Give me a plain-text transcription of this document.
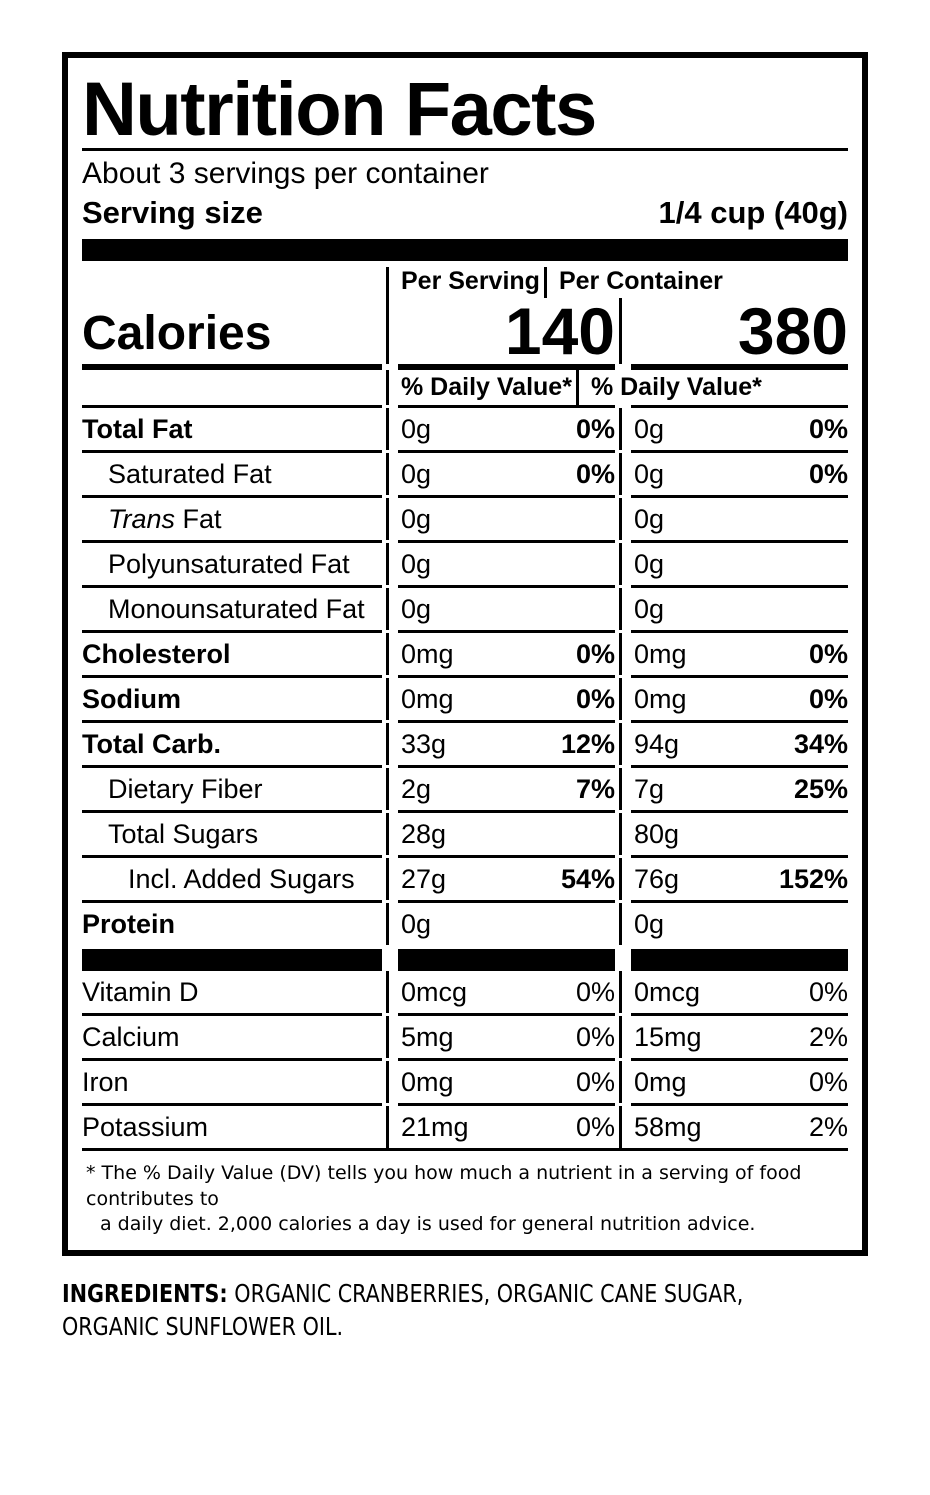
Nutrition Facts
About 3 servings per container
Serving size	1/4 cup (40g)
Per Serving Per Container
Calories	140	380
% Daily Value* % Daily Value*
Total Fat	0g	0% 0g	0%
Saturated Fat	0g	0% 0g	0%
Trans Fat	0g	0g
Polyunsaturated Fat	0g	0g
Monounsaturated Fat	0g	0g
Cholesterol	0mg	0% 0mg	0%
Sodium	0mg	0% 0mg	0%
Total Carb.	33g	12% 94g	34%
Dietary Fiber	2g	7% 7g	25%
Total Sugars	28g	80g
Incl. Added Sugars	27g	54% 76g	152%
Protein	0g	0g
Vitamin D	0mcg	0% 0mcg	0%
Calcium	5mg	0% 15mg	2%
Iron	0mg	0% 0mg	0%
Potassium	21mg	0% 58mg	2%
* The % Daily Value (DV) tells you how much a nutrient in a serving of food contributes to
a daily diet. 2,000 calories a day is used for general nutrition advice.
INGREDIENTS: ORGANIC CRANBERRIES, ORGANIC CANE SUGAR,
ORGANIC SUNFLOWER OIL.
